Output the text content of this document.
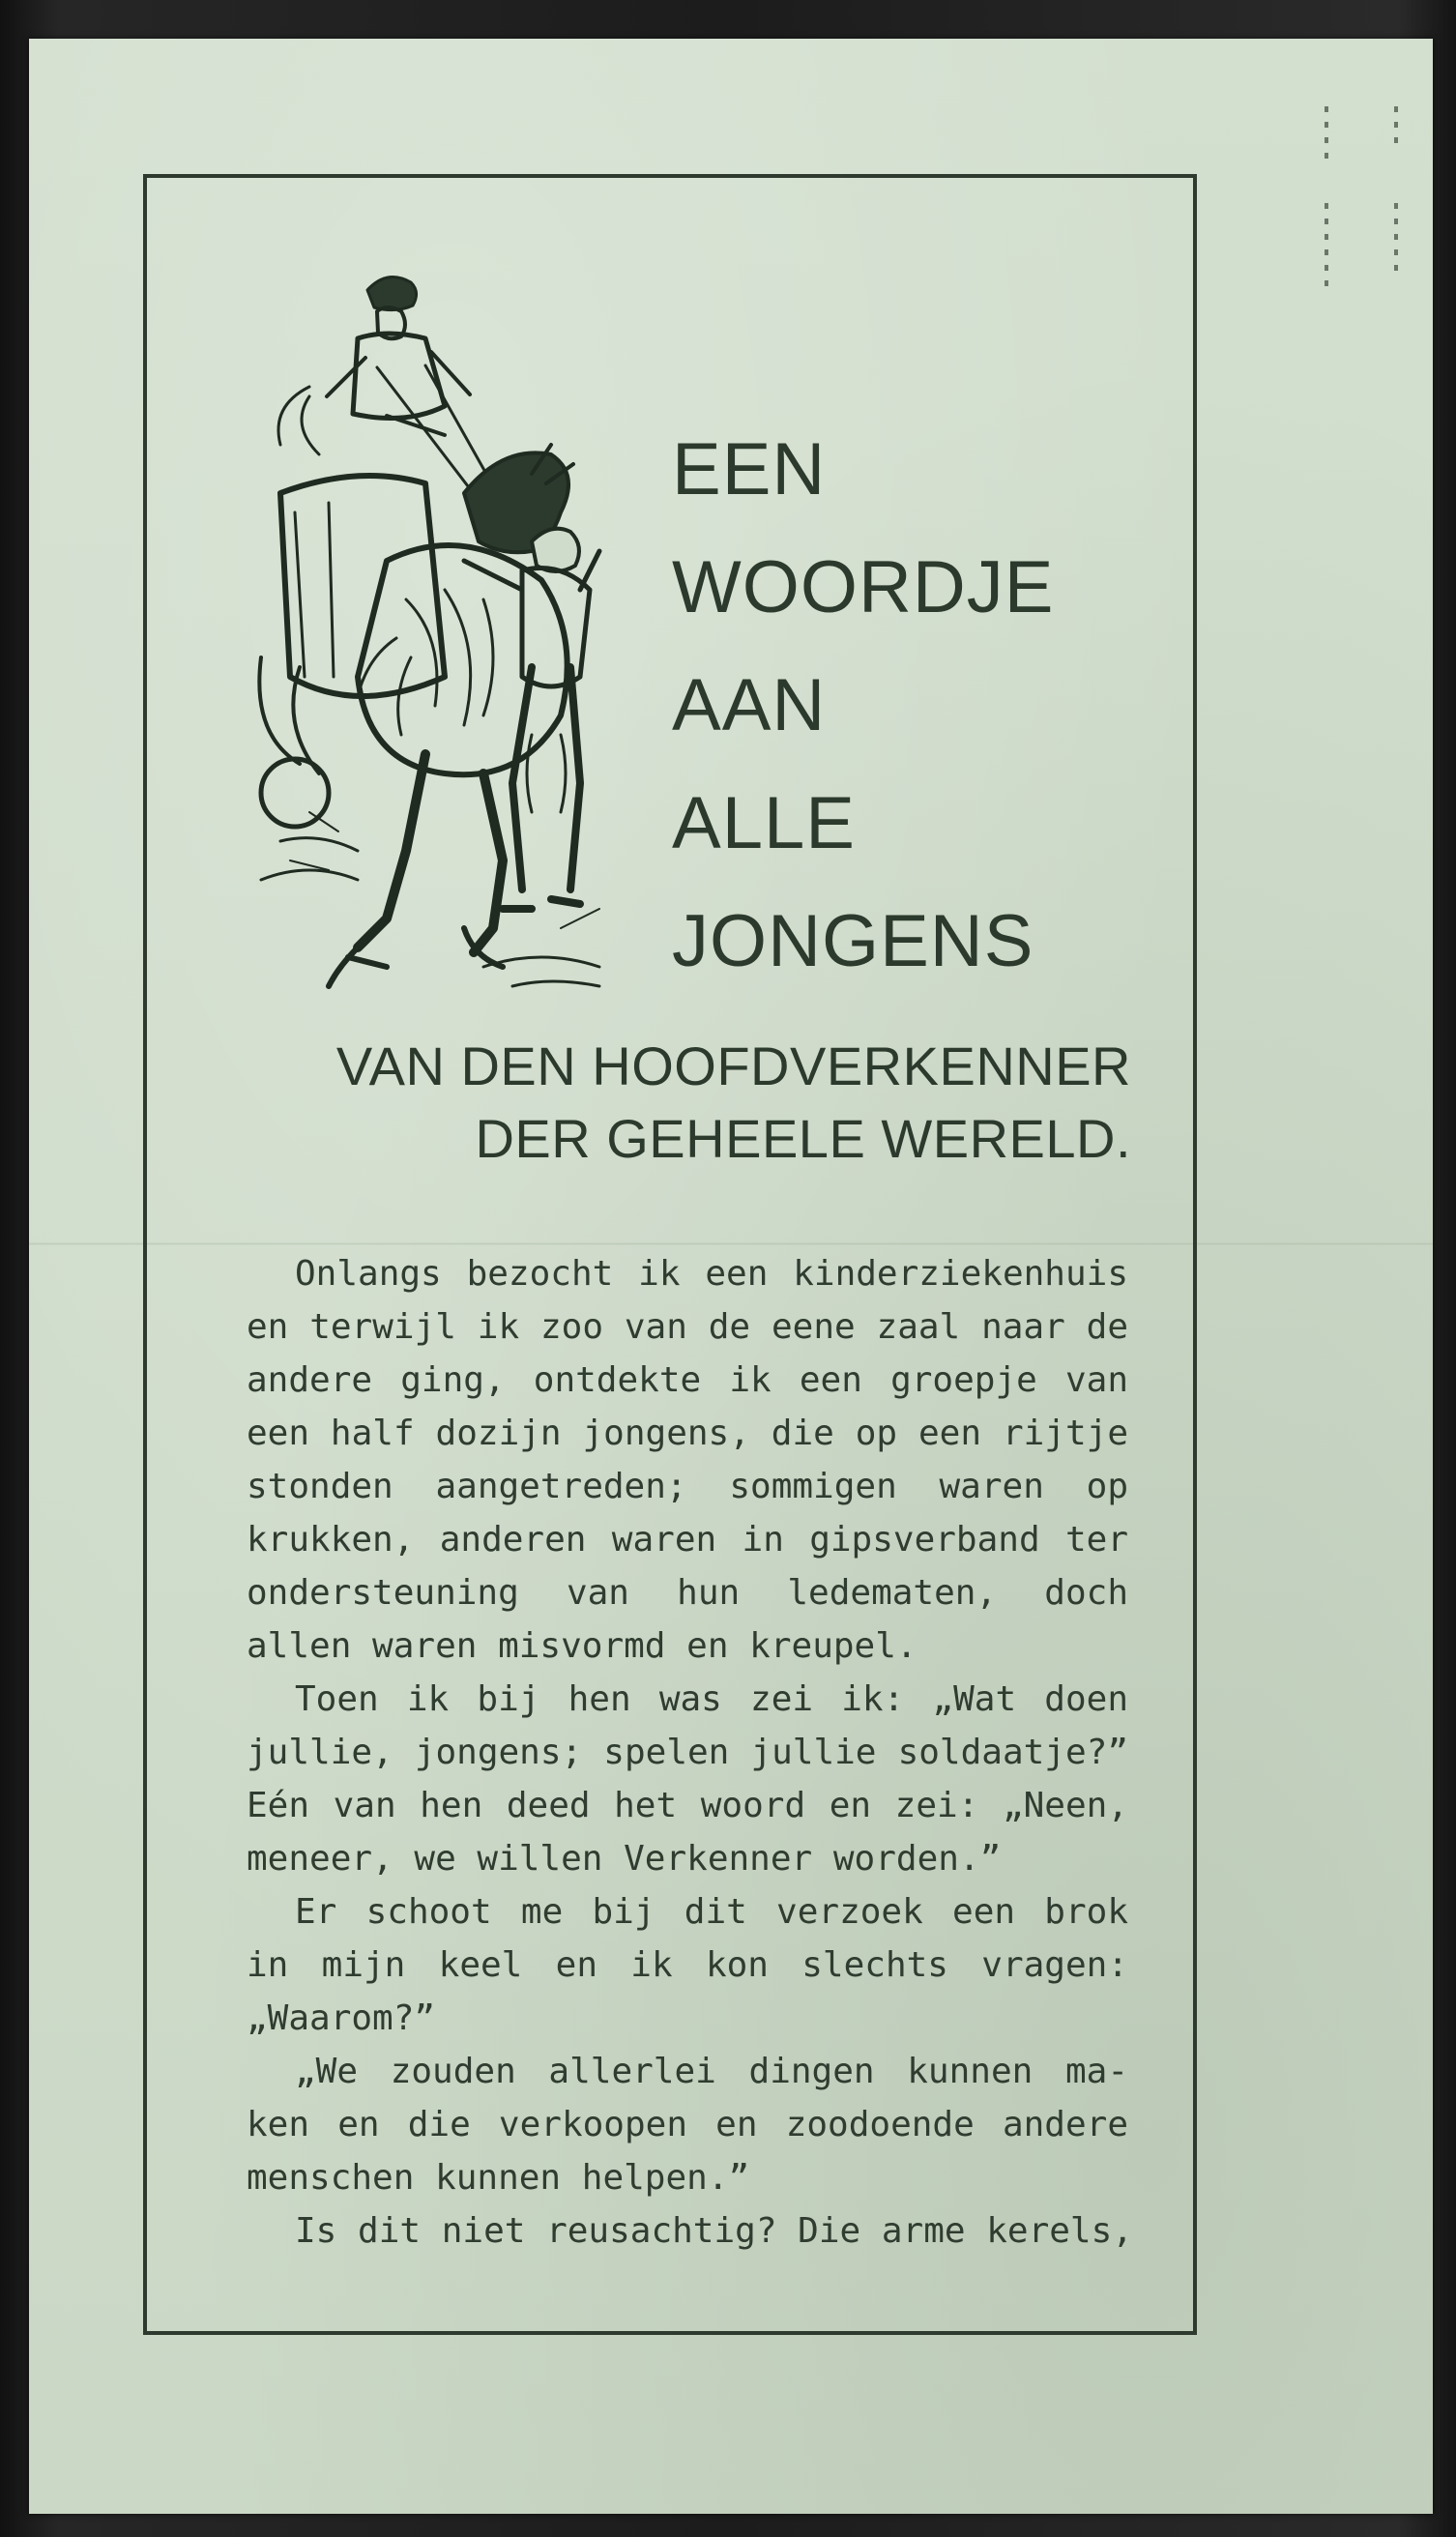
EEN
WOORDJE
AAN
ALLE
JONGENS
VAN DEN HOOFDVERKENNER
DER GEHEELE WERELD.
Onlangs bezocht ik een kinderziekenhuis
en terwijl ik zoo van de eene zaal naar de
andere ging, ontdekte ik een groepje van
een half dozijn jongens, die op een rijtje
stonden aangetreden; sommigen waren op
krukken, anderen waren in gipsverband ter
ondersteuning van hun ledematen, doch
allen waren misvormd en kreupel.
Toen ik bij hen was zei ik: „Wat doen
jullie, jongens; spelen jullie soldaatje?”
Eén van hen deed het woord en zei: „Neen,
meneer, we willen Verkenner worden.”
Er schoot me bij dit verzoek een brok
in mijn keel en ik kon slechts vragen:
„Waarom?”
„We zouden allerlei dingen kunnen ma-
ken en die verkoopen en zoodoende andere
menschen kunnen helpen.”
Is dit niet reusachtig? Die arme kerels,
